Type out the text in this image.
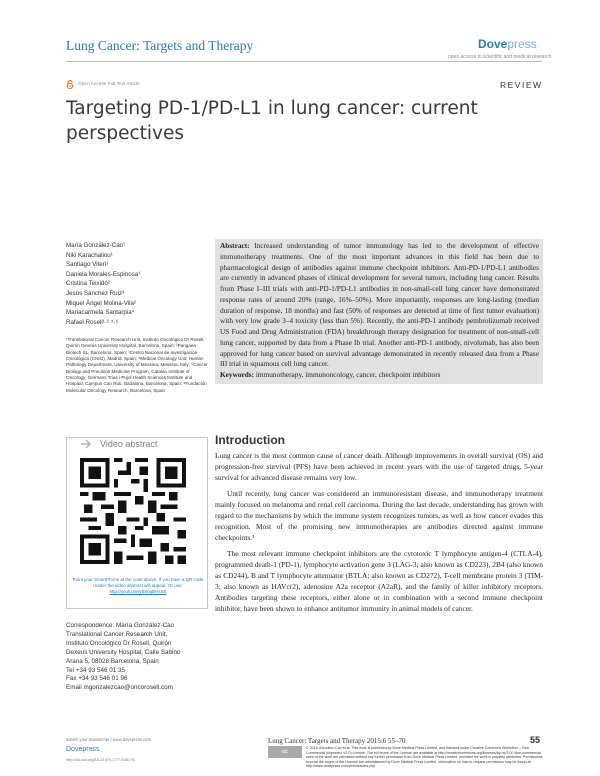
Lung Cancer: Targets and Therapy	Dovepress
open access to scientific and medical research
Open Access Full Text Article	REVIEW
Targeting PD-1/PD-L1 in lung cancer: current perspectives
María González-Cao¹
Niki Karachaliou¹
Santiago Viteri¹
Daniela Morales-Espinosa¹
Cristina Teixidó²
Jesús Sánchez Ruiz³
Miquel Àngel Molina-Vila²
Mariacarmela Santarpia⁴
Rafael Rosell¹·²·⁵·⁶
¹Translational Cancer Research Unit, Instituto Oncológico Dr Rosell, Quirón Dexeus University Hospital, Barcelona, Spain; ²Pangaea Biotech SL, Barcelona, Spain; ³Centro Nacional de Investigación Oncológica (CNIO), Madrid, Spain; ⁴Medical Oncology Unit, Human Pathology Department, University of Messina, Messina, Italy; ⁵Cancer Biology and Precision Medicine Program, Catalan Institute of Oncology, Germans Trias i Pujol Health Sciences Institute and Hospital, Campus Can Ruti, Badalona, Barcelona, Spain; ⁶Fundación Molecular Oncology Research, Barcelona, Spain
Video abstract
Point your SmartPhone at the code above. If you have a QR code reader the video abstract will appear. Or use:
http://youtu.be/yB8oqBHsSE
Correspondence: María González-Cao
Translational Cancer Research Unit,
Instituto Oncológico Dr Rosell, Quirón
Dexeus University Hospital, Calle Sabino
Arana 5, 08028 Barcelona, Spain
Tel +34 93 546 01 35
Fax +34 93 546 01 96
Email mgonzalezcao@oncorosell.com
Abstract: Increased understanding of tumor immunology has led to the development of effective immunotherapy treatments. One of the most important advances in this field has been due to pharmacological design of antibodies against immune checkpoint inhibitors. Anti-PD-1/PD-L1 antibodies are currently in advanced phases of clinical development for several tumors, including lung cancer. Results from Phase I–III trials with anti-PD-1/PD-L1 antibodies in non-small-cell lung cancer have demonstrated response rates of around 20% (range, 16%–50%). More importantly, responses are long-lasting (median duration of response, 18 months) and fast (50% of responses are detected at time of first tumor evaluation) with very low grade 3–4 toxicity (less than 5%). Recently, the anti-PD-1 antibody pembrolizumab received US Food and Drug Administration (FDA) breakthrough therapy designation for treatment of non-small-cell lung cancer, supported by data from a Phase Ib trial. Another anti-PD-1 antibody, nivolumab, has also been approved for lung cancer based on survival advantage demonstrated in recently released data from a Phase III trial in squamous cell lung cancer.
Keywords: immunotherapy, immunoncology, cancer, checkpoint inhibitors
Introduction

Lung cancer is the most common cause of cancer death. Although improvements in overall survival (OS) and progression-free survival (PFS) have been achieved in recent years with the use of targeted drugs, 5-year survival for advanced disease remains very low.

Until recently, lung cancer was considered an immunoresistant disease, and immunotherapy treatment mainly focused on melanoma and renal cell carcinoma. During the last decade, understanding has grown with regard to the mechanisms by which the immune system recognizes tumors, as well as how cancer evades this recognition. Most of the promising new immunotherapies are antibodies directed against immune checkpoints.¹

The most relevant immune checkpoint inhibitors are the cytotoxic T lymphocyte antigen-4 (CTLA-4), programmed death-1 (PD-1), lymphocyte activation gene 3 (LAG-3; also known as CD223), 2B4 (also known as CD244), B and T lymphocyte attenuator (BTLA; also known as CD272), T-cell membrane protein 3 (TIM-3; also known as HAVcr2), adenosine A2a receptor (A2aR), and the family of killer inhibitory receptors. Antibodies targeting these receptors, either alone or in combination with a second immune checkpoint inhibitor, have been shown to enhance antitumor immunity in animal models of cancer.

submit your manuscript | www.dovepress.com	Lung Cancer: Targets and Therapy 2015:6 55–70	55
Dovepress
http://dx.doi.org/10.2147/LCTT.S55176
cc
© 2015 González-Cao et al. This work is published by Dove Medical Press Limited, and licensed under Creative Commons Attribution – Non Commercial (unported, v3.0) License. The full terms of the License are available at http://creativecommons.org/licenses/by-nc/3.0/. Non-commercial uses of the work are permitted without any further permission from Dove Medical Press Limited, provided the work is properly attributed. Permissions beyond the scope of the License are administered by Dove Medical Press Limited. Information on how to request permission may be found at: http://www.dovepress.com/permissions.php
